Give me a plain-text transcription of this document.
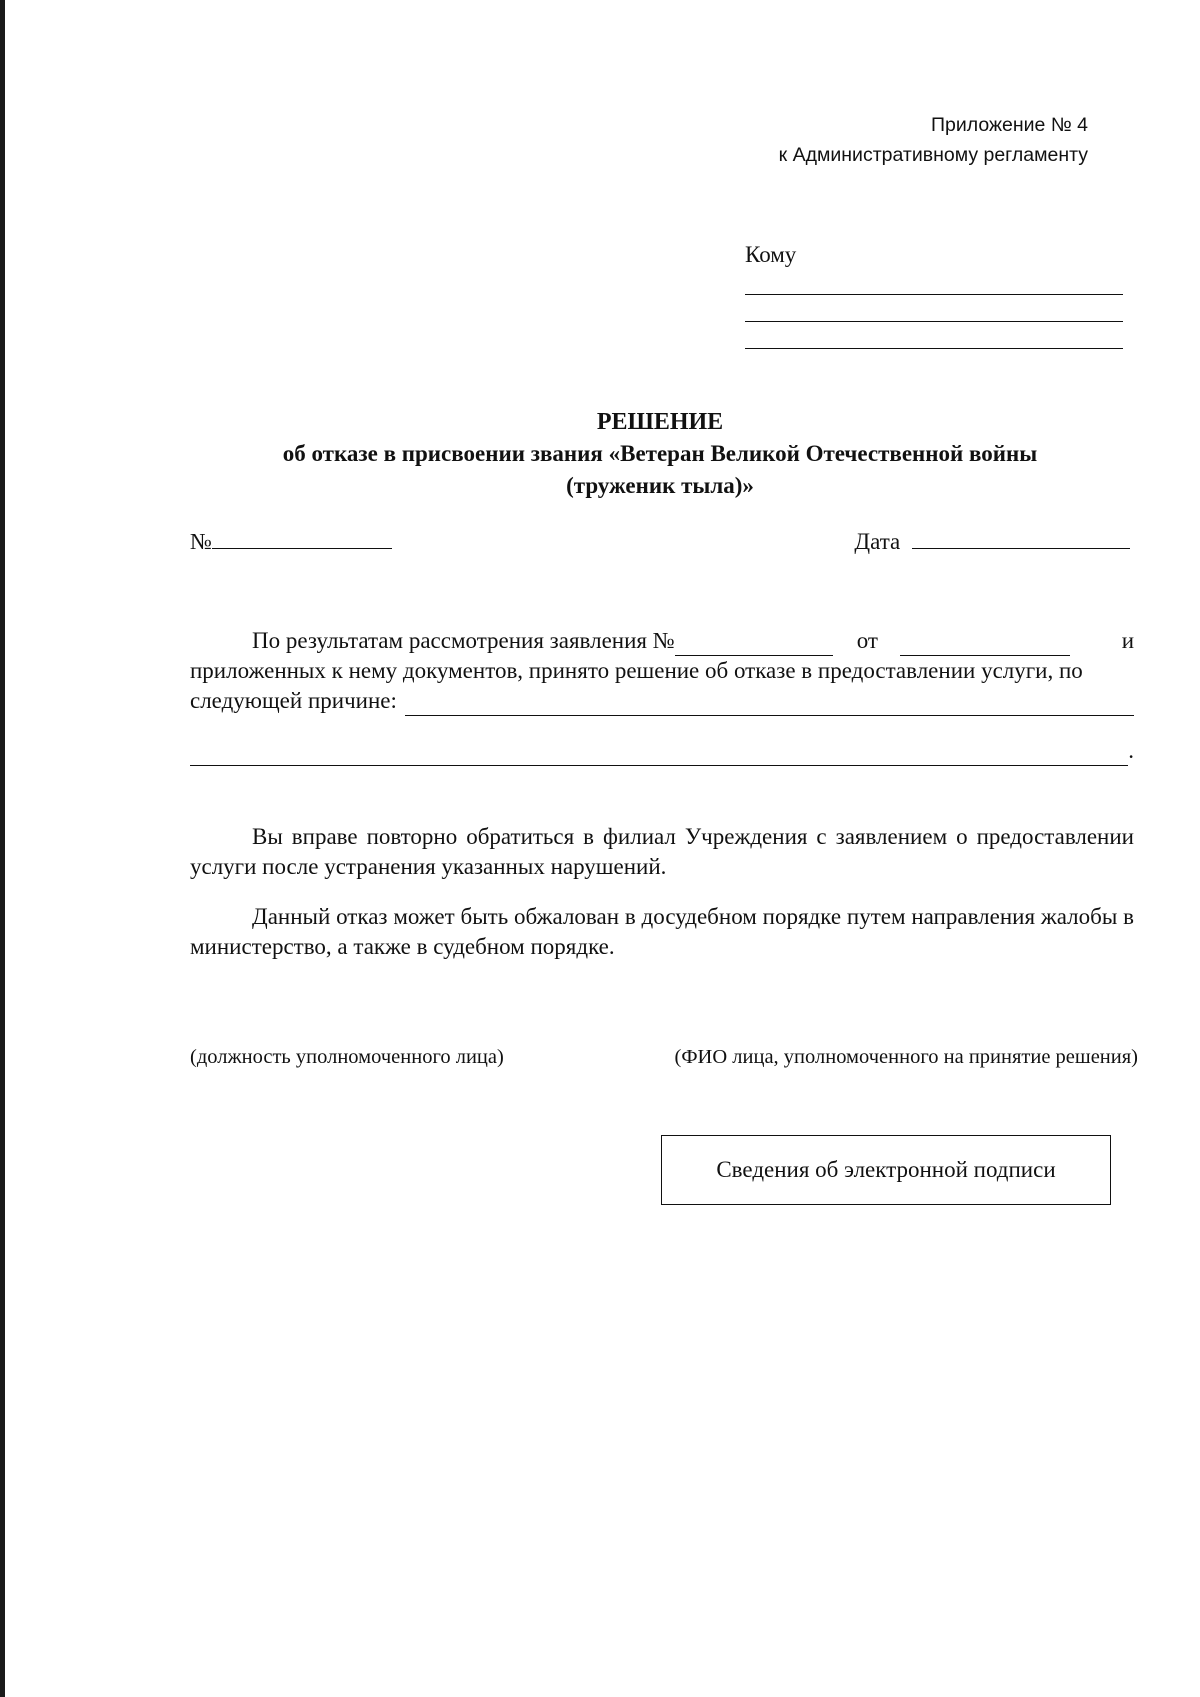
Приложение № 4
к Административному регламенту
Кому
РЕШЕНИЕ
об отказе в присвоении звания «Ветеран Великой Отечественной войны
(труженик тыла)»
№	Дата
По результатам рассмотрения заявления №	от	и
приложенных к нему документов, принято решение об отказе в предоставлении услуги, по
следующей причине:
.

Вы вправе повторно обратиться в филиал Учреждения с заявлением о предоставлении услуги после устранения указанных нарушений.

Данный отказ может быть обжалован в досудебном порядке путем направления жалобы в министерство, а также в судебном порядке.

(должность уполномоченного лица)	(ФИО лица, уполномоченного на принятие решения)
Сведения об электронной подписи
